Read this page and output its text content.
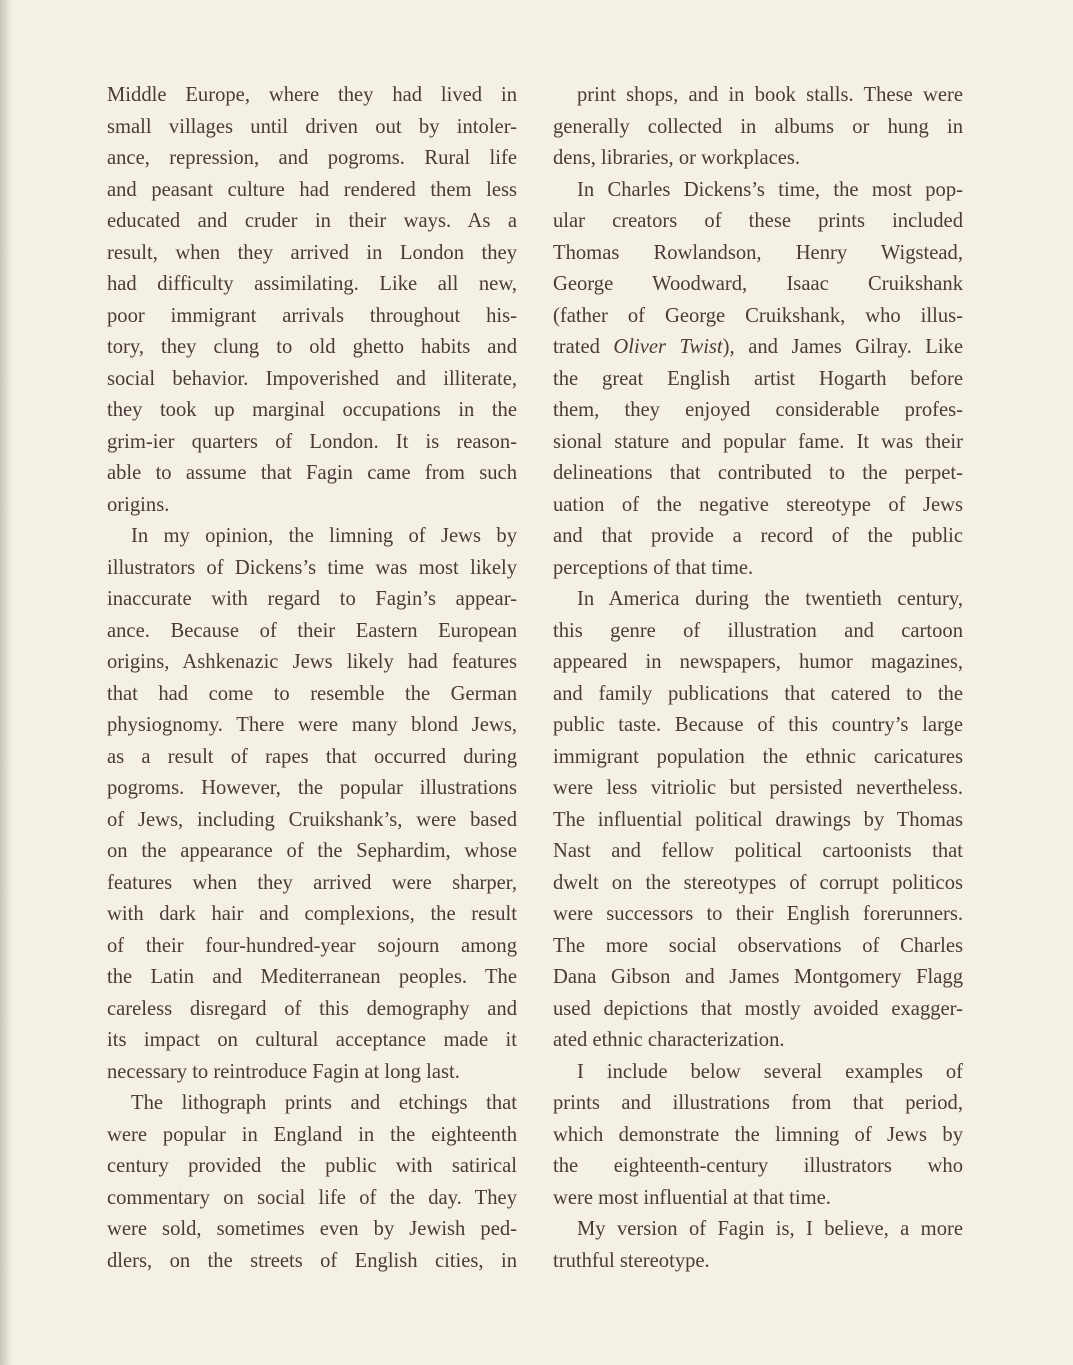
Middle Europe, where they had lived in
small villages until driven out by intoler-
ance, repression, and pogroms. Rural life
and peasant culture had rendered them less
educated and cruder in their ways. As a
result, when they arrived in London they
had difficulty assimilating. Like all new,
poor immigrant arrivals throughout his-
tory, they clung to old ghetto habits and
social behavior. Impoverished and illiterate,
they took up marginal occupations in the
grim-ier quarters of London. It is reason-
able to assume that Fagin came from such
origins.
In my opinion, the limning of Jews by
illustrators of Dickens’s time was most likely
inaccurate with regard to Fagin’s appear-
ance. Because of their Eastern European
origins, Ashkenazic Jews likely had features
that had come to resemble the German
physiognomy. There were many blond Jews,
as a result of rapes that occurred during
pogroms. However, the popular illustrations
of Jews, including Cruikshank’s, were based
on the appearance of the Sephardim, whose
features when they arrived were sharper,
with dark hair and complexions, the result
of their four-hundred-year sojourn among
the Latin and Mediterranean peoples. The
careless disregard of this demography and
its impact on cultural acceptance made it
necessary to reintroduce Fagin at long last.
The lithograph prints and etchings that
were popular in England in the eighteenth
century provided the public with satirical
commentary on social life of the day. They
were sold, sometimes even by Jewish ped-
dlers, on the streets of English cities, in
print shops, and in book stalls. These were
generally collected in albums or hung in
dens, libraries, or workplaces.
In Charles Dickens’s time, the most pop-
ular creators of these prints included
Thomas Rowlandson, Henry Wigstead,
George Woodward, Isaac Cruikshank
(father of George Cruikshank, who illus-
trated Oliver Twist), and James Gilray. Like
the great English artist Hogarth before
them, they enjoyed considerable profes-
sional stature and popular fame. It was their
delineations that contributed to the perpet-
uation of the negative stereotype of Jews
and that provide a record of the public
perceptions of that time.
In America during the twentieth century,
this genre of illustration and cartoon
appeared in newspapers, humor magazines,
and family publications that catered to the
public taste. Because of this country’s large
immigrant population the ethnic caricatures
were less vitriolic but persisted nevertheless.
The influential political drawings by Thomas
Nast and fellow political cartoonists that
dwelt on the stereotypes of corrupt politicos
were successors to their English forerunners.
The more social observations of Charles
Dana Gibson and James Montgomery Flagg
used depictions that mostly avoided exagger-
ated ethnic characterization.
I include below several examples of
prints and illustrations from that period,
which demonstrate the limning of Jews by
the eighteenth-century illustrators who
were most influential at that time.
My version of Fagin is, I believe, a more
truthful stereotype.
